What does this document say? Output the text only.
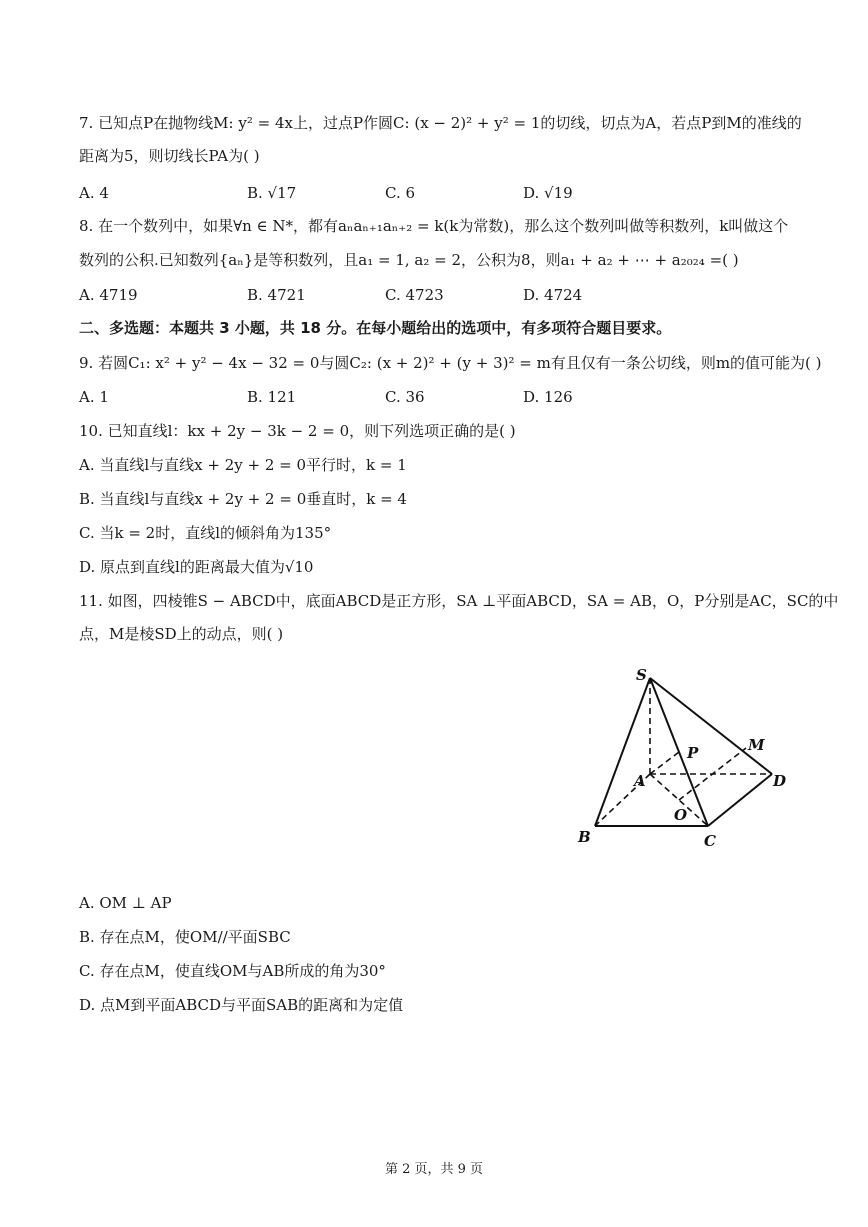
7. 已知点P在抛物线M: y² = 4x上，过点P作圆C: (x − 2)² + y² = 1的切线，切点为A，若点P到M的准线的
距离为5，则切线长PA为( )
A. 4	B. √17	C. 6	D. √19
8. 在一个数列中，如果∀n ∈ N*，都有aₙaₙ₊₁aₙ₊₂ = k(k为常数)，那么这个数列叫做等积数列，k叫做这个
数列的公积.已知数列{aₙ}是等积数列，且a₁ = 1, a₂ = 2，公积为8，则a₁ + a₂ + ⋯ + a₂₀₂₄ =( )
A. 4719	B. 4721	C. 4723	D. 4724
二、多选题：本题共 3 小题，共 18 分。在每小题给出的选项中，有多项符合题目要求。
9. 若圆C₁: x² + y² − 4x − 32 = 0与圆C₂: (x + 2)² + (y + 3)² = m有且仅有一条公切线，则m的值可能为( )
A. 1	B. 121	C. 36	D. 126
10. 已知直线l：kx + 2y − 3k − 2 = 0，则下列选项正确的是( )
A. 当直线l与直线x + 2y + 2 = 0平行时，k = 1
B. 当直线l与直线x + 2y + 2 = 0垂直时，k = 4
C. 当k = 2时，直线l的倾斜角为135°
D. 原点到直线l的距离最大值为√10
11. 如图，四棱锥S − ABCD中，底面ABCD是正方形，SA ⊥平面ABCD，SA = AB，O，P分别是AC，SC的中
点，M是棱SD上的动点，则( )
S
A
B	C
D
M
P
O
A. OM ⊥ AP
B. 存在点M，使OM//平面SBC
C. 存在点M，使直线OM与AB所成的角为30°
D. 点M到平面ABCD与平面SAB的距离和为定值
第 2 页，共 9 页
